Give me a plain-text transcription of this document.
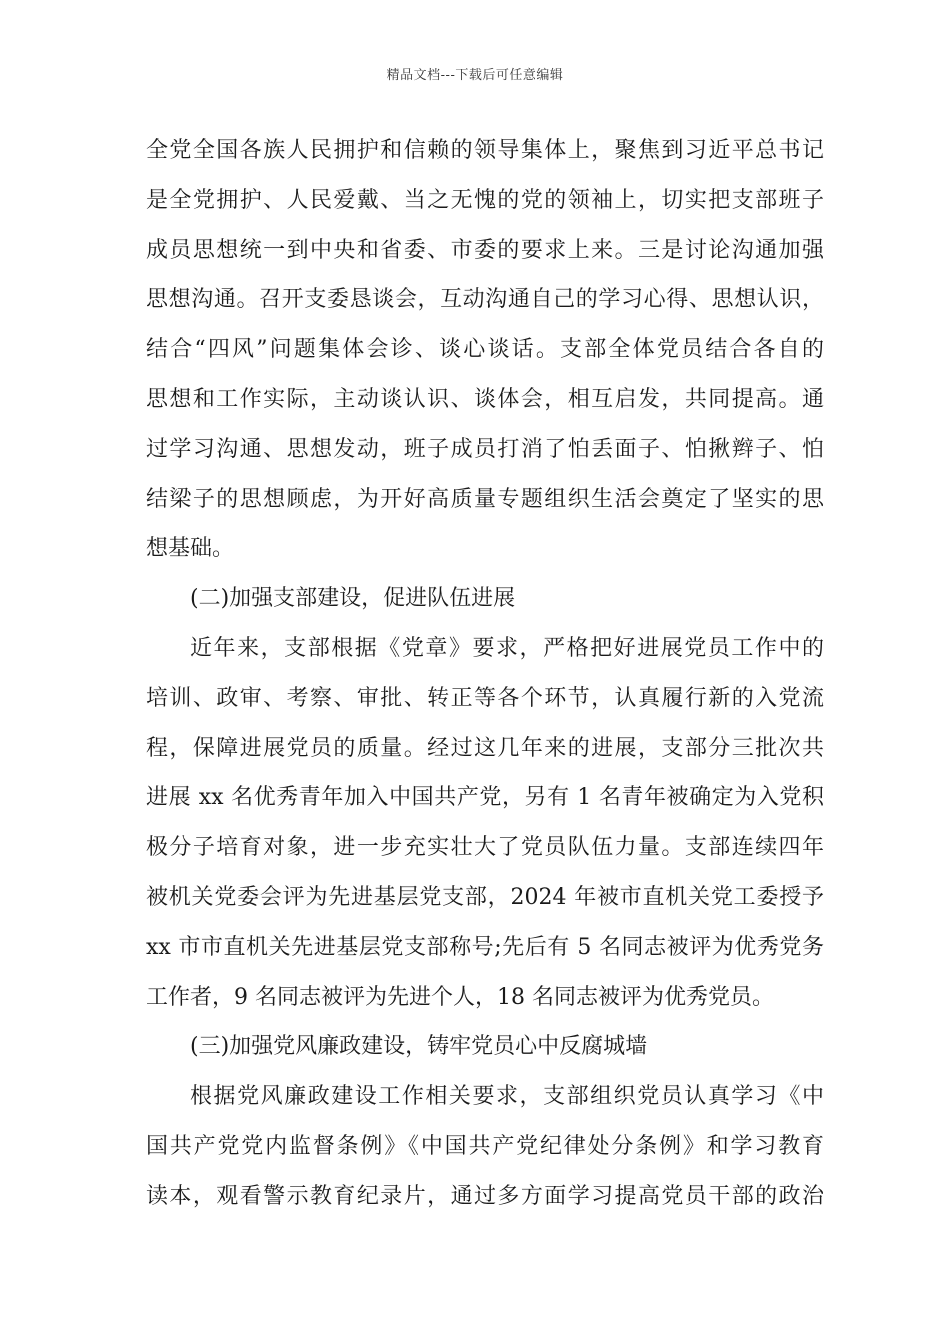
精品文档---下载后可任意编辑
全党全国各族人民拥护和信赖的领导集体上，聚焦到习近平总书记
是全党拥护、人民爱戴、当之无愧的党的领袖上，切实把支部班子
成员思想统一到中央和省委、市委的要求上来。三是讨论沟通加强
思想沟通。召开支委恳谈会，互动沟通自己的学习心得、思想认识，
结合“四风”问题集体会诊、谈心谈话。支部全体党员结合各自的
思想和工作实际，主动谈认识、谈体会，相互启发，共同提高。通
过学习沟通、思想发动，班子成员打消了怕丢面子、怕揪辫子、怕
结梁子的思想顾虑，为开好高质量专题组织生活会奠定了坚实的思
想基础。
(二)加强支部建设，促进队伍进展
近年来，支部根据《党章》要求，严格把好进展党员工作中的
培训、政审、考察、审批、转正等各个环节，认真履行新的入党流
程，保障进展党员的质量。经过这几年来的进展，支部分三批次共
进展 xx 名优秀青年加入中国共产党，另有 1 名青年被确定为入党积
极分子培育对象，进一步充实壮大了党员队伍力量。支部连续四年
被机关党委会评为先进基层党支部，2024 年被市直机关党工委授予
xx 市市直机关先进基层党支部称号;先后有 5 名同志被评为优秀党务
工作者，9 名同志被评为先进个人，18 名同志被评为优秀党员。
(三)加强党风廉政建设，铸牢党员心中反腐城墙
根据党风廉政建设工作相关要求，支部组织党员认真学习《中
国共产党党内监督条例》《中国共产党纪律处分条例》和学习教育
读本，观看警示教育纪录片，通过多方面学习提高党员干部的政治
